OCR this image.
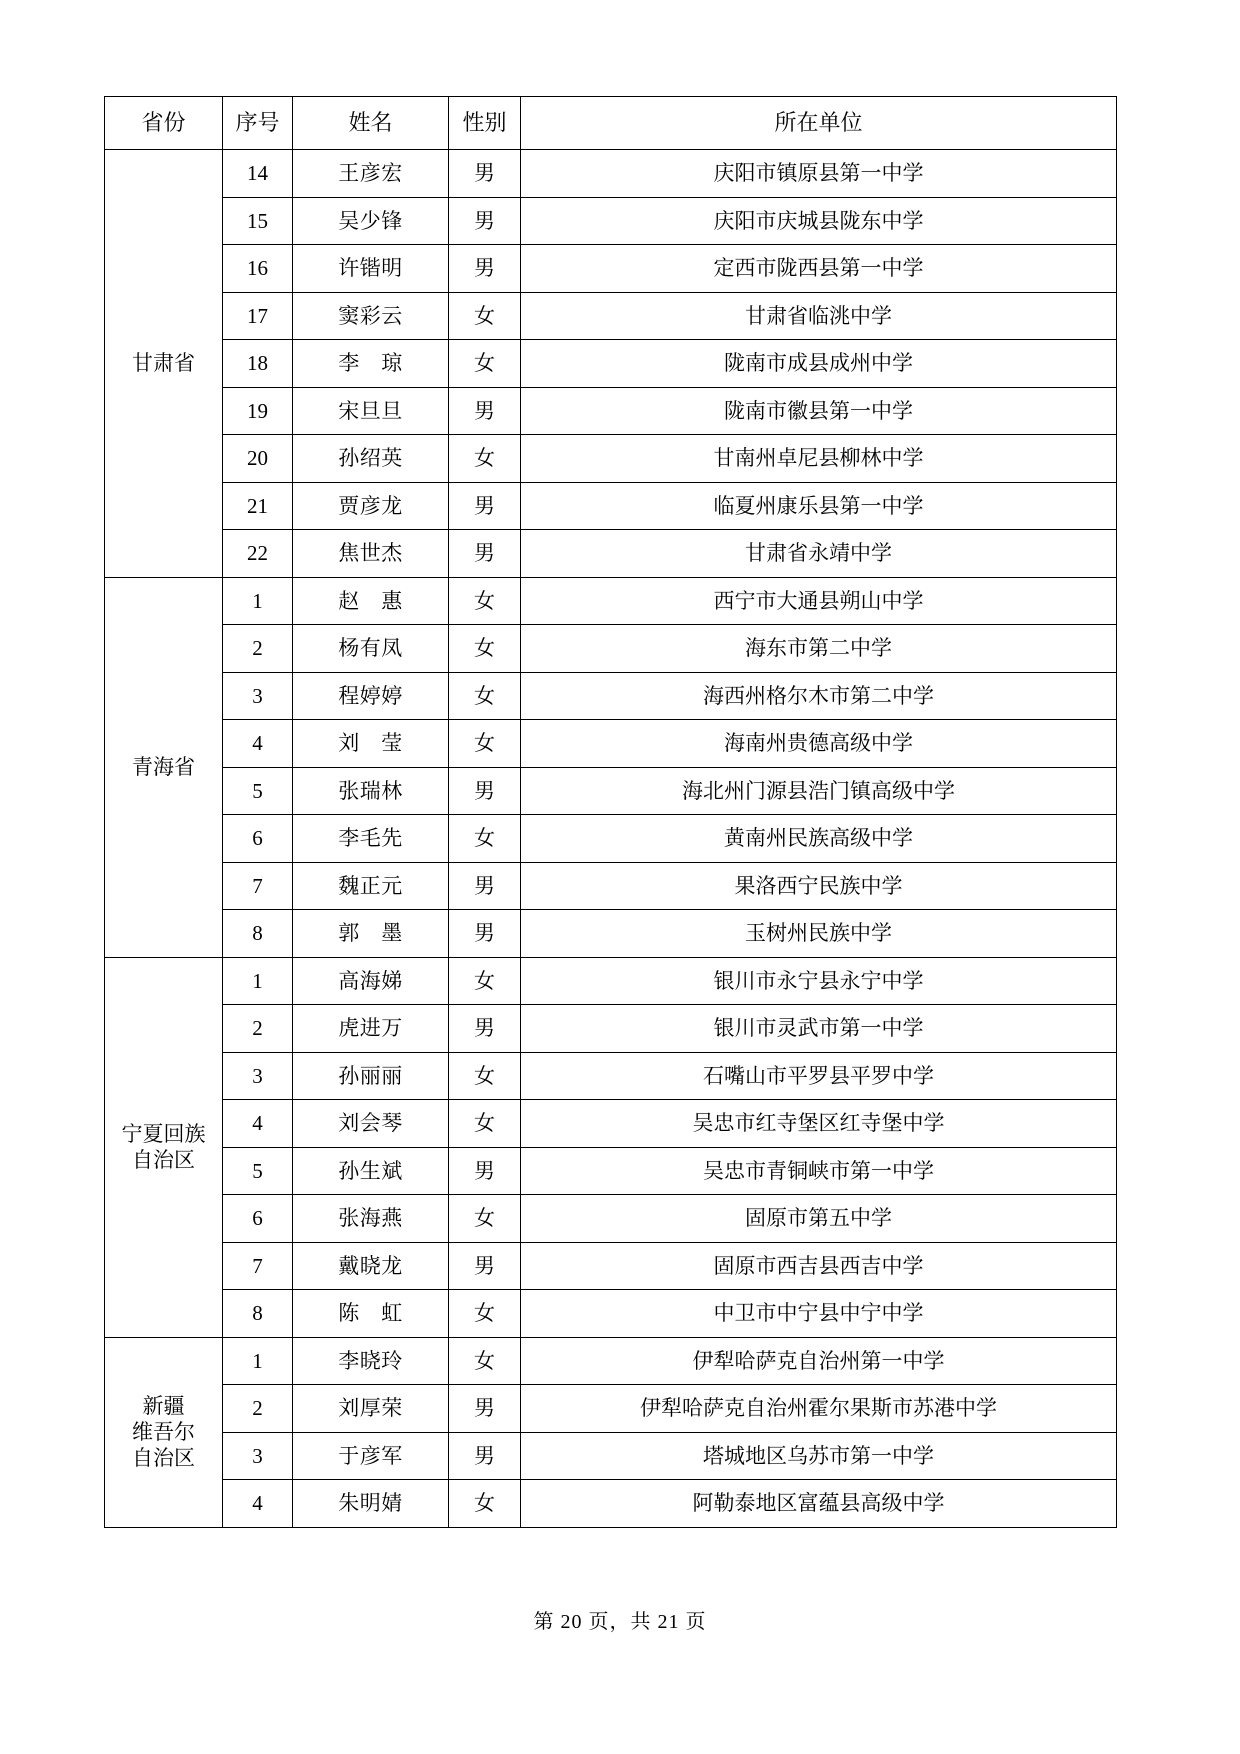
省份	序号	姓名	性别	所在单位
甘肃省	14	王彦宏	男	庆阳市镇原县第一中学
	15	吴少锋	男	庆阳市庆城县陇东中学
	16	许锴明	男	定西市陇西县第一中学
	17	窦彩云	女	甘肃省临洮中学
	18	李　琼	女	陇南市成县成州中学
	19	宋旦旦	男	陇南市徽县第一中学
	20	孙绍英	女	甘南州卓尼县柳林中学
	21	贾彦龙	男	临夏州康乐县第一中学
	22	焦世杰	男	甘肃省永靖中学
青海省	1	赵　惠	女	西宁市大通县朔山中学
	2	杨有凤	女	海东市第二中学
	3	程婷婷	女	海西州格尔木市第二中学
	4	刘　莹	女	海南州贵德高级中学
	5	张瑞林	男	海北州门源县浩门镇高级中学
	6	李毛先	女	黄南州民族高级中学
	7	魏正元	男	果洛西宁民族中学
	8	郭　墨	男	玉树州民族中学
宁夏回族
自治区	1	高海娣	女	银川市永宁县永宁中学
	2	虎进万	男	银川市灵武市第一中学
	3	孙丽丽	女	石嘴山市平罗县平罗中学
	4	刘会琴	女	吴忠市红寺堡区红寺堡中学
	5	孙生斌	男	吴忠市青铜峡市第一中学
	6	张海燕	女	固原市第五中学
	7	戴晓龙	男	固原市西吉县西吉中学
	8	陈　虹	女	中卫市中宁县中宁中学
新疆
维吾尔
自治区	1	李晓玲	女	伊犁哈萨克自治州第一中学
	2	刘厚荣	男	伊犁哈萨克自治州霍尔果斯市苏港中学
	3	于彦军	男	塔城地区乌苏市第一中学
	4	朱明婧	女	阿勒泰地区富蕴县高级中学
第 20 页，共 21 页
